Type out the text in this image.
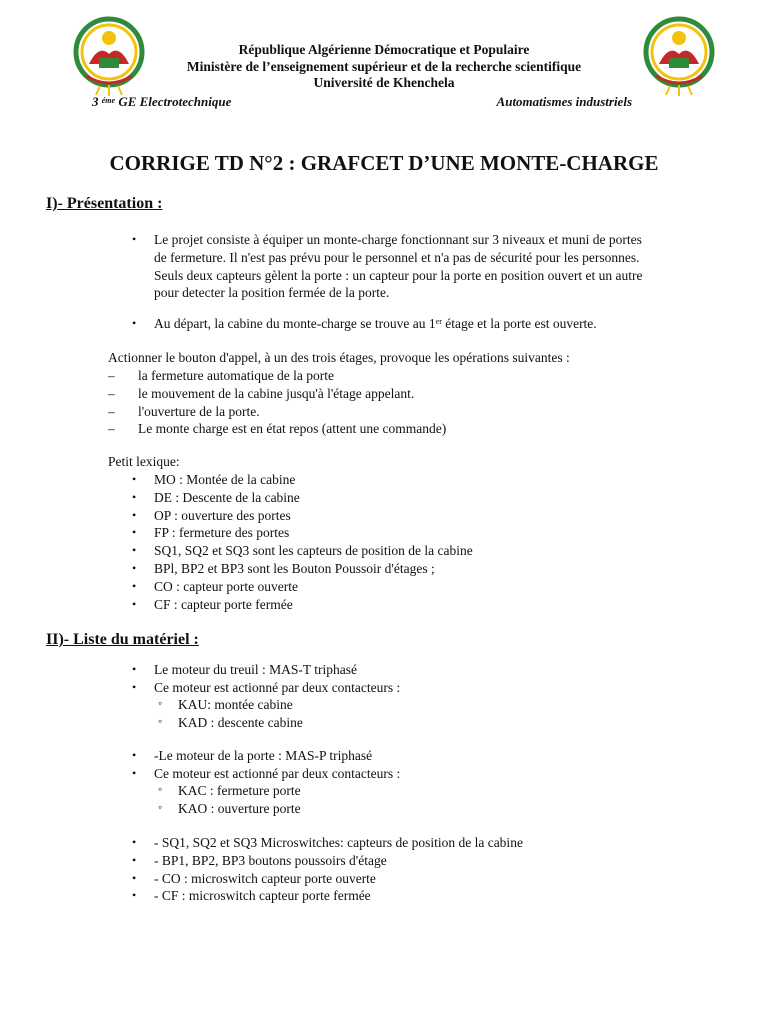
République Algérienne Démocratique et Populaire
Ministère de l’enseignement supérieur et de la recherche scientifique
Université de Khenchela
3 $^{éme}$ GE Electrotechnique	Automatismes industriels
CORRIGE TD N°2 : GRAFCET D’UNE MONTE-CHARGE
I)- Présentation :
• Le projet consiste à équiper un monte-charge fonctionnant sur 3 niveaux et muni de portes
de fermeture. Il n'est pas prévu pour le personnel et n'a pas de sécurité pour les personnes.
Seuls deux capteurs gèlent la porte : un capteur pour la porte en position ouvert et un autre
pour detecter la position fermée de la porte.
• Au départ, la cabine du monte-charge se trouve au 1er étage et la porte est ouverte.
Actionner le bouton d'appel, à un des trois étages, provoque les opérations suivantes :
– la fermeture automatique de la porte
– le mouvement de la cabine jusqu'à l'étage appelant.
– l'ouverture de la porte.
– Le monte charge est en état repos (attent une commande)
Petit lexique:
• MO : Montée de la cabine
• DE : Descente de la cabine
• OP : ouverture des portes
• FP : fermeture des portes
• SQ1, SQ2 et SQ3 sont les capteurs de position de la cabine
• BPl, BP2 et BP3 sont les Bouton Poussoir d'étages ;
• CO : capteur porte ouverte
• CF : capteur porte fermée
II)- Liste du matériel :
• Le moteur du treuil : MAS-T triphasé
• Ce moteur est actionné par deux contacteurs :
◦ KAU: montée cabine
◦ KAD : descente cabine
• -Le moteur de la porte : MAS-P triphasé
• Ce moteur est actionné par deux contacteurs :
◦ KAC : fermeture porte
◦ KAO : ouverture porte
• - SQ1, SQ2 et SQ3 Microswitches: capteurs de position de la cabine
• - BP1, BP2, BP3 boutons poussoirs d'étage
• - CO : microswitch capteur porte ouverte
• - CF : microswitch capteur porte fermée
